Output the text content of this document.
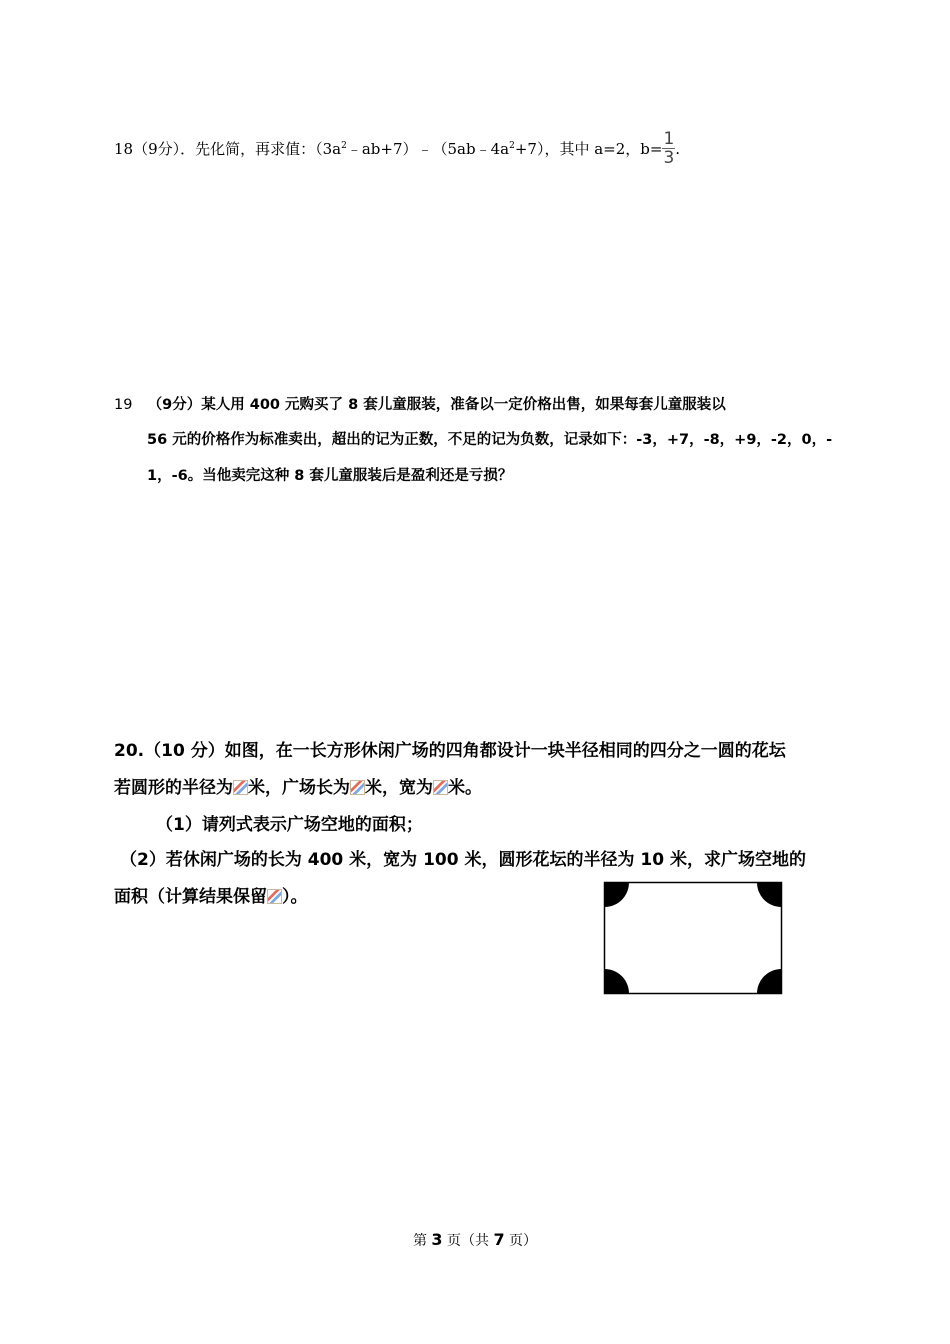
18（9分）．先化简，再求值：$(3a^2﹣ab+7)﹣(5ab﹣4a^2+7)$，其中 a=2，$b= \frac{1}{3}$ .
19 （9分）某人用 400 元购买了 8 套儿童服装，准备以一定价格出售，如果每套儿童服装以
56 元的价格作为标准卖出，超出的记为正数，不足的记为负数，记录如下：-3，+7，-8，+9，-2，0，-
1，-6。当他卖完这种 8 套儿童服装后是盈利还是亏损？
20.（10 分）如图，在一长方形休闲广场的四角都设计一块半径相同的四分之一圆的花坛
若圆形的半径为 米，广场长为 米，宽为 米。
（1）请列式表示广场空地的面积；
（2）若休闲广场的长为 400 米，宽为 100 米，圆形花坛的半径为 10 米，求广场空地的
面积（计算结果保留 ）。
第 3 页（共 7 页）
